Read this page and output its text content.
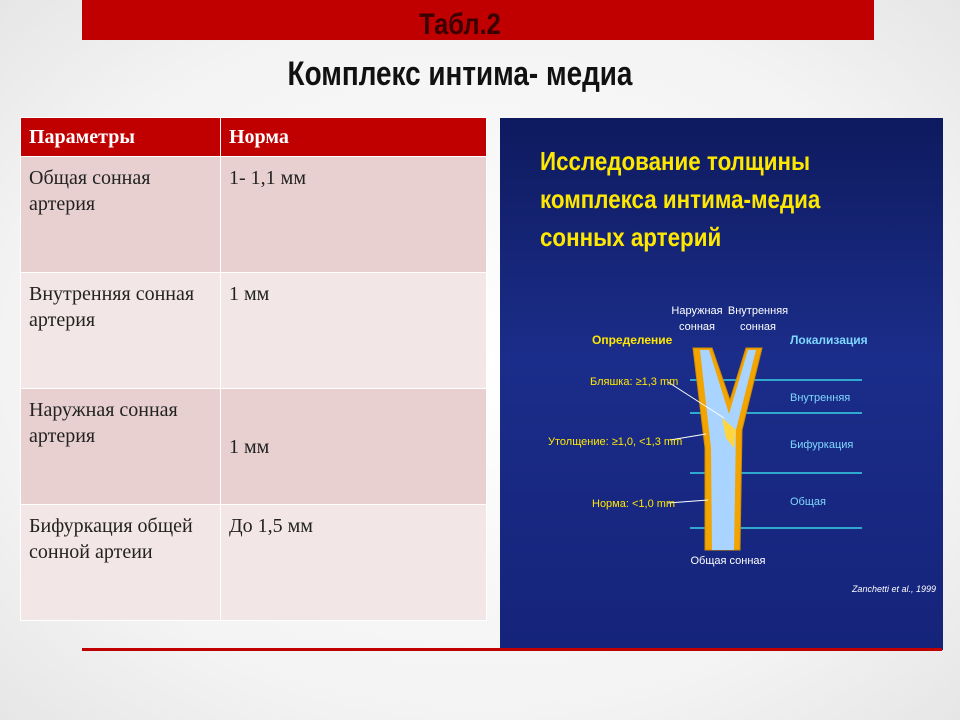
Табл.2
Комплекс интима- медиа
Параметры	Норма
Общая сонная артерия	1- 1,1 мм
Внутренняя сонная артерия	1 мм
Наружная сонная артерия	1 мм
Бифуркация общей сонной артеии	До 1,5 мм
Исследование толщины
комплекса интима-медиа
сонных артерий
Наружная
сонная
Внутренняя
сонная
Определение	Локализация
Бляшка: ≥1,3 mm
Утолщение: ≥1,0, <1,3 mm
Норма: <1,0 mm
Внутренняя
Бифуркация
Общая
Общая сонная
Zanchetti et al., 1999
